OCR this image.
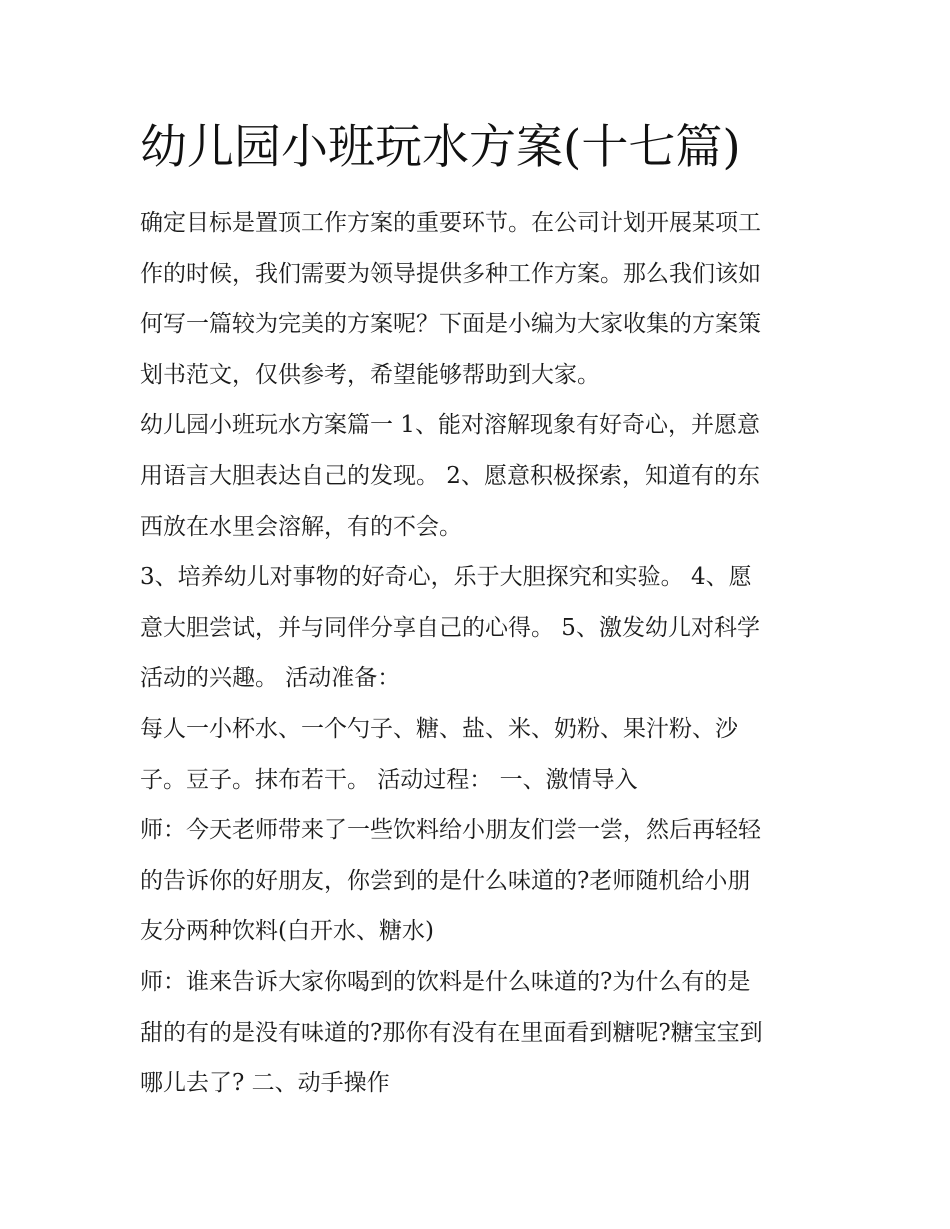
幼儿园小班玩水方案(十七篇)
确定目标是置顶工作方案的重要环节。在公司计划开展某项工
作的时候，我们需要为领导提供多种工作方案。那么我们该如
何写一篇较为完美的方案呢？下面是小编为大家收集的方案策
划书范文，仅供参考，希望能够帮助到大家。
幼儿园小班玩水方案篇一 1、能对溶解现象有好奇心，并愿意
用语言大胆表达自己的发现。 2、愿意积极探索，知道有的东
西放在水里会溶解，有的不会。
3、培养幼儿对事物的好奇心，乐于大胆探究和实验。 4、愿
意大胆尝试，并与同伴分享自己的心得。 5、激发幼儿对科学
活动的兴趣。 活动准备：
每人一小杯水、一个勺子、糖、盐、米、奶粉、果汁粉、沙
子。豆子。抹布若干。 活动过程： 一、激情导入
师：今天老师带来了一些饮料给小朋友们尝一尝，然后再轻轻
的告诉你的好朋友，你尝到的是什么味道的?老师随机给小朋
友分两种饮料(白开水、糖水)
师：谁来告诉大家你喝到的饮料是什么味道的?为什么有的是
甜的有的是没有味道的?那你有没有在里面看到糖呢?糖宝宝到
哪儿去了? 二、动手操作
